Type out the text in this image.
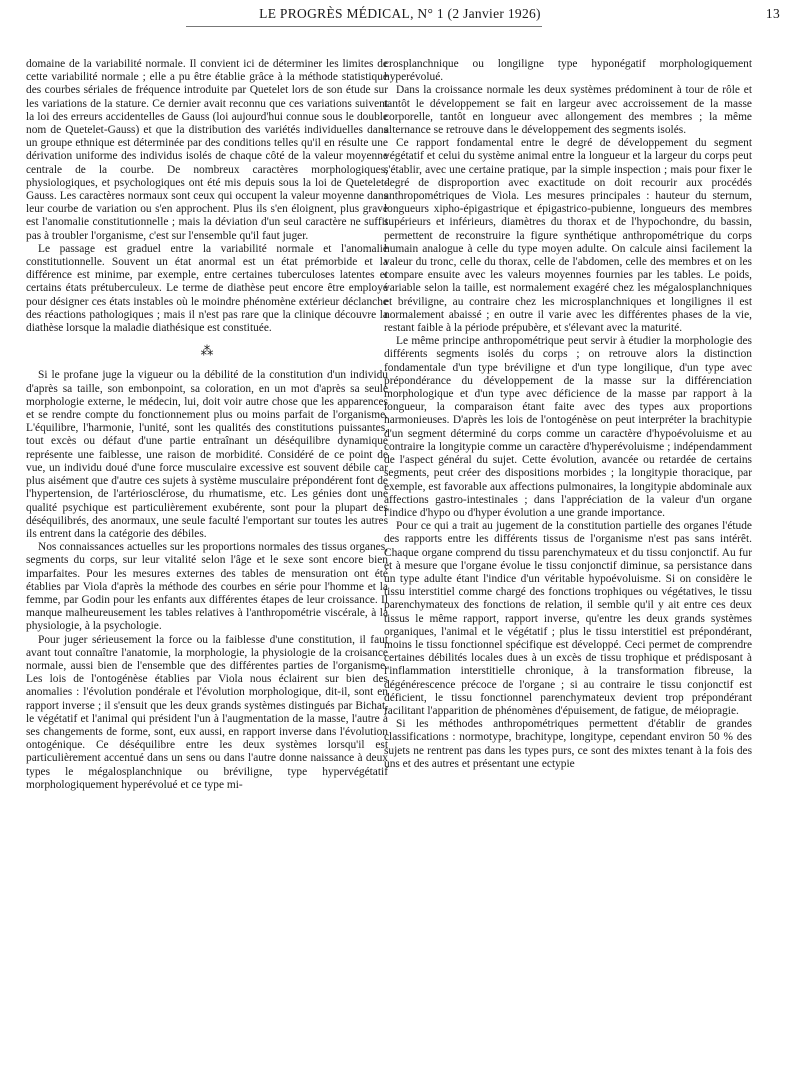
LE PROGRÈS MÉDICAL, N° 1 (2 Janvier 1926)	13

domaine de la variabilité normale. Il convient ici de déterminer les limites de cette variabilité normale ; elle a pu être établie grâce à la méthode statistique des courbes sériales de fréquence introduite par Quetelet lors de son étude sur les variations de la stature. Ce dernier avait reconnu que ces variations suivent la loi des erreurs accidentelles de Gauss (loi aujourd'hui connue sous le double nom de Quetelet-Gauss) et que la distribution des variétés individuelles dans un groupe ethnique est déterminée par des conditions telles qu'il en résulte une dérivation uniforme des individus isolés de chaque côté de la valeur moyenne centrale de la courbe. De nombreux caractères morphologiques, physiologiques, et psychologiques ont été mis depuis sous la loi de Quetelet-Gauss. Les caractères normaux sont ceux qui occupent la valeur moyenne dans leur courbe de variation ou s'en approchent. Plus ils s'en éloignent, plus grave est l'anomalie constitutionnelle ; mais la déviation d'un seul caractère ne suffit pas à troubler l'organisme, c'est sur l'ensemble qu'il faut juger.

Le passage est graduel entre la variabilité normale et l'anomalie constitutionnelle. Souvent un état anormal est un état prémorbide et la différence est minime, par exemple, entre certaines tuberculoses latentes et certains états prétuberculeux. Le terme de diathèse peut encore être employé pour désigner ces états instables où le moindre phénomène extérieur déclanche des réactions pathologiques ; mais il n'est pas rare que la clinique découvre la diathèse lorsque la maladie diathésique est constituée.

⁂

Si le profane juge la vigueur ou la débilité de la constitution d'un individu d'après sa taille, son embonpoint, sa coloration, en un mot d'après sa seule morphologie externe, le médecin, lui, doit voir autre chose que les apparences et se rendre compte du fonctionnement plus ou moins parfait de l'organisme. L'équilibre, l'harmonie, l'unité, sont les qualités des constitutions puissantes, tout excès ou défaut d'une partie entraînant un déséquilibre dynamique représente une faiblesse, une raison de morbidité. Considéré de ce point de vue, un individu doué d'une force musculaire excessive est souvent débile car plus aisément que d'autre ces sujets à système musculaire prépondérent font de l'hypertension, de l'artériosclérose, du rhumatisme, etc. Les génies dont une qualité psychique est particulièrement exubérente, sont pour la plupart des déséquilibrés, des anormaux, une seule faculté l'emportant sur toutes les autres ils entrent dans la catégorie des débiles.

Nos connaissances actuelles sur les proportions normales des tissus organes, segments du corps, sur leur vitalité selon l'âge et le sexe sont encore bien imparfaites. Pour les mesures externes des tables de mensuration ont été établies par Viola d'après la méthode des courbes en série pour l'homme et la femme, par Godin pour les enfants aux différentes étapes de leur croissance. Il manque malheureusement les tables relatives à l'anthropométrie viscérale, à la physiologie, à la psychologie.

Pour juger sérieusement la force ou la faiblesse d'une constitution, il faut avant tout connaître l'anatomie, la morphologie, la physiologie de la croisance normale, aussi bien de l'ensemble que des différentes parties de l'organisme. Les lois de l'ontogénèse établies par Viola nous éclairent sur bien des anomalies : l'évolution pondérale et l'évolution morphologique, dit-il, sont en rapport inverse ; il s'ensuit que les deux grands systèmes distingués par Bichat, le végétatif et l'animal qui président l'un à l'augmentation de la masse, l'autre à ses changements de forme, sont, eux aussi, en rapport inverse dans l'évolution ontogénique. Ce déséquilibre entre les deux systèmes lorsqu'il est particulièrement accentué dans un sens ou dans l'autre donne naissance à deux types le mégalosplanchnique ou bréviligne, type hypervégétatif morphologiquement hyperévolué et ce type mi-

crosplanchnique ou longiligne type hyponégatif morphologiquement hyperévolué.

Dans la croissance normale les deux systèmes prédominent à tour de rôle et tantôt le développement se fait en largeur avec accroissement de la masse corporelle, tantôt en longueur avec allongement des membres ; la même alternance se retrouve dans le développement des segments isolés.

Ce rapport fondamental entre le degré de développement du segment végétatif et celui du système animal entre la longueur et la largeur du corps peut s'établir, avec une certaine pratique, par la simple inspection ; mais pour fixer le degré de disproportion avec exactitude on doit recourir aux procédés anthropométriques de Viola. Les mesures principales : hauteur du sternum, longueurs xipho-épigastrique et épigastrico-pubienne, longueurs des membres supérieurs et inférieurs, diamètres du thorax et de l'hypochondre, du bassin, permettent de reconstruire la figure synthétique anthropométrique du corps humain analogue à celle du type moyen adulte. On calcule ainsi facilement la valeur du tronc, celle du thorax, celle de l'abdomen, celle des membres et on les compare ensuite avec les valeurs moyennes fournies par les tables. Le poids, variable selon la taille, est normalement exagéré chez les mégalosplanchniques et bréviligne, au contraire chez les microsplanchniques et longilignes il est normalement abaissé ; en outre il varie avec les différentes phases de la vie, restant faible à la période prépubère, et s'élevant avec la maturité.

Le même principe anthropométrique peut servir à étudier la morphologie des différents segments isolés du corps ; on retrouve alors la distinction fondamentale d'un type bréviligne et d'un type longilique, d'un type avec prépondérance du développement de la masse sur la différenciation morphologique et d'un type avec déficience de la masse par rapport à la longueur, la comparaison étant faite avec des types aux proportions harmonieuses. D'après les lois de l'ontogénèse on peut interpréter la brachitypie d'un segment déterminé du corps comme un caractère d'hypoévoluisme et au contraire la longitypie comme un caractère d'hyperévoluisme ; indépendamment de l'aspect général du sujet. Cette évolution, avancée ou retardée de certains segments, peut créer des dispositions morbides ; la longitypie thoracique, par exemple, est favorable aux affections pulmonaires, la longitypie abdominale aux affections gastro-intestinales ; dans l'appréciation de la valeur d'un organe l'indice d'hypo ou d'hyper évolution a une grande importance.

Pour ce qui a trait au jugement de la constitution partielle des organes l'étude des rapports entre les différents tissus de l'organisme n'est pas sans intérêt. Chaque organe comprend du tissu parenchymateux et du tissu conjonctif. Au fur et à mesure que l'organe évolue le tissu conjonctif diminue, sa persistance dans un type adulte étant l'indice d'un véritable hypoévoluisme. Si on considère le tissu interstitiel comme chargé des fonctions trophiques ou végétatives, le tissu parenchymateux des fonctions de relation, il semble qu'il y ait entre ces deux tissus le même rapport, rapport inverse, qu'entre les deux grands systèmes organiques, l'animal et le végétatif ; plus le tissu interstitiel est prépondérant, moins le tissu fonctionnel spécifique est développé. Ceci permet de comprendre certaines débilités locales dues à un excès de tissu trophique et prédisposant à l'inflammation interstitielle chronique, à la transformation fibreuse, la dégénérescence précoce de l'organe ; si au contraire le tissu conjonctif est déficient, le tissu fonctionnel parenchymateux devient trop prépondérant facilitant l'apparition de phénomènes d'épuisement, de fatigue, de méiopragie.

Si les méthodes anthropométriques permettent d'établir de grandes classifications : normotype, brachitype, longitype, cependant environ 50 % des sujets ne rentrent pas dans les types purs, ce sont des mixtes tenant à la fois des uns et des autres et présentant une ectypie
